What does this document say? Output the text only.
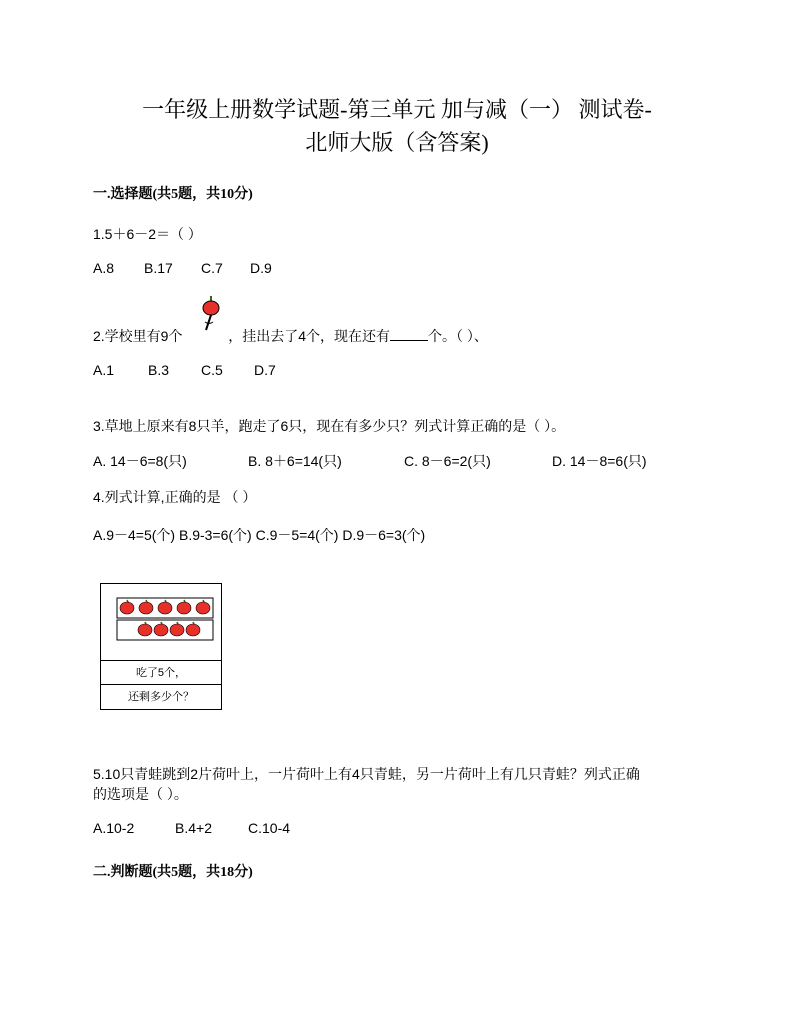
一年级上册数学试题-第三单元 加与减（一） 测试卷-
北师大版（含答案)
一.选择题(共5题，共10分)
1.5＋6－2＝（ ）
A.8 B.17 C.7 D.9
2.学校里有9个	，挂出去了4个，现在还有	个。（ ）、
A.1 B.3 C.5 D.7
3.草地上原来有8只羊，跑走了6只，现在有多少只？列式计算正确的是（ ）。
A. 14－6=8(只)	B. 8＋6=14(只)	C. 8－6=2(只)	D. 14－8=6(只)
4.列式计算,正确的是 （ ）
A.9－4=5(个) B.9-3=6(个) C.9－5=4(个) D.9－6=3(个)
吃了5个，
还剩多少个？
5.10只青蛙跳到2片荷叶上，一片荷叶上有4只青蛙，另一片荷叶上有几只青蛙？列式正确
的选项是（ ）。
A.10-2	B.4+2	C.10-4
二.判断题(共5题，共18分)
